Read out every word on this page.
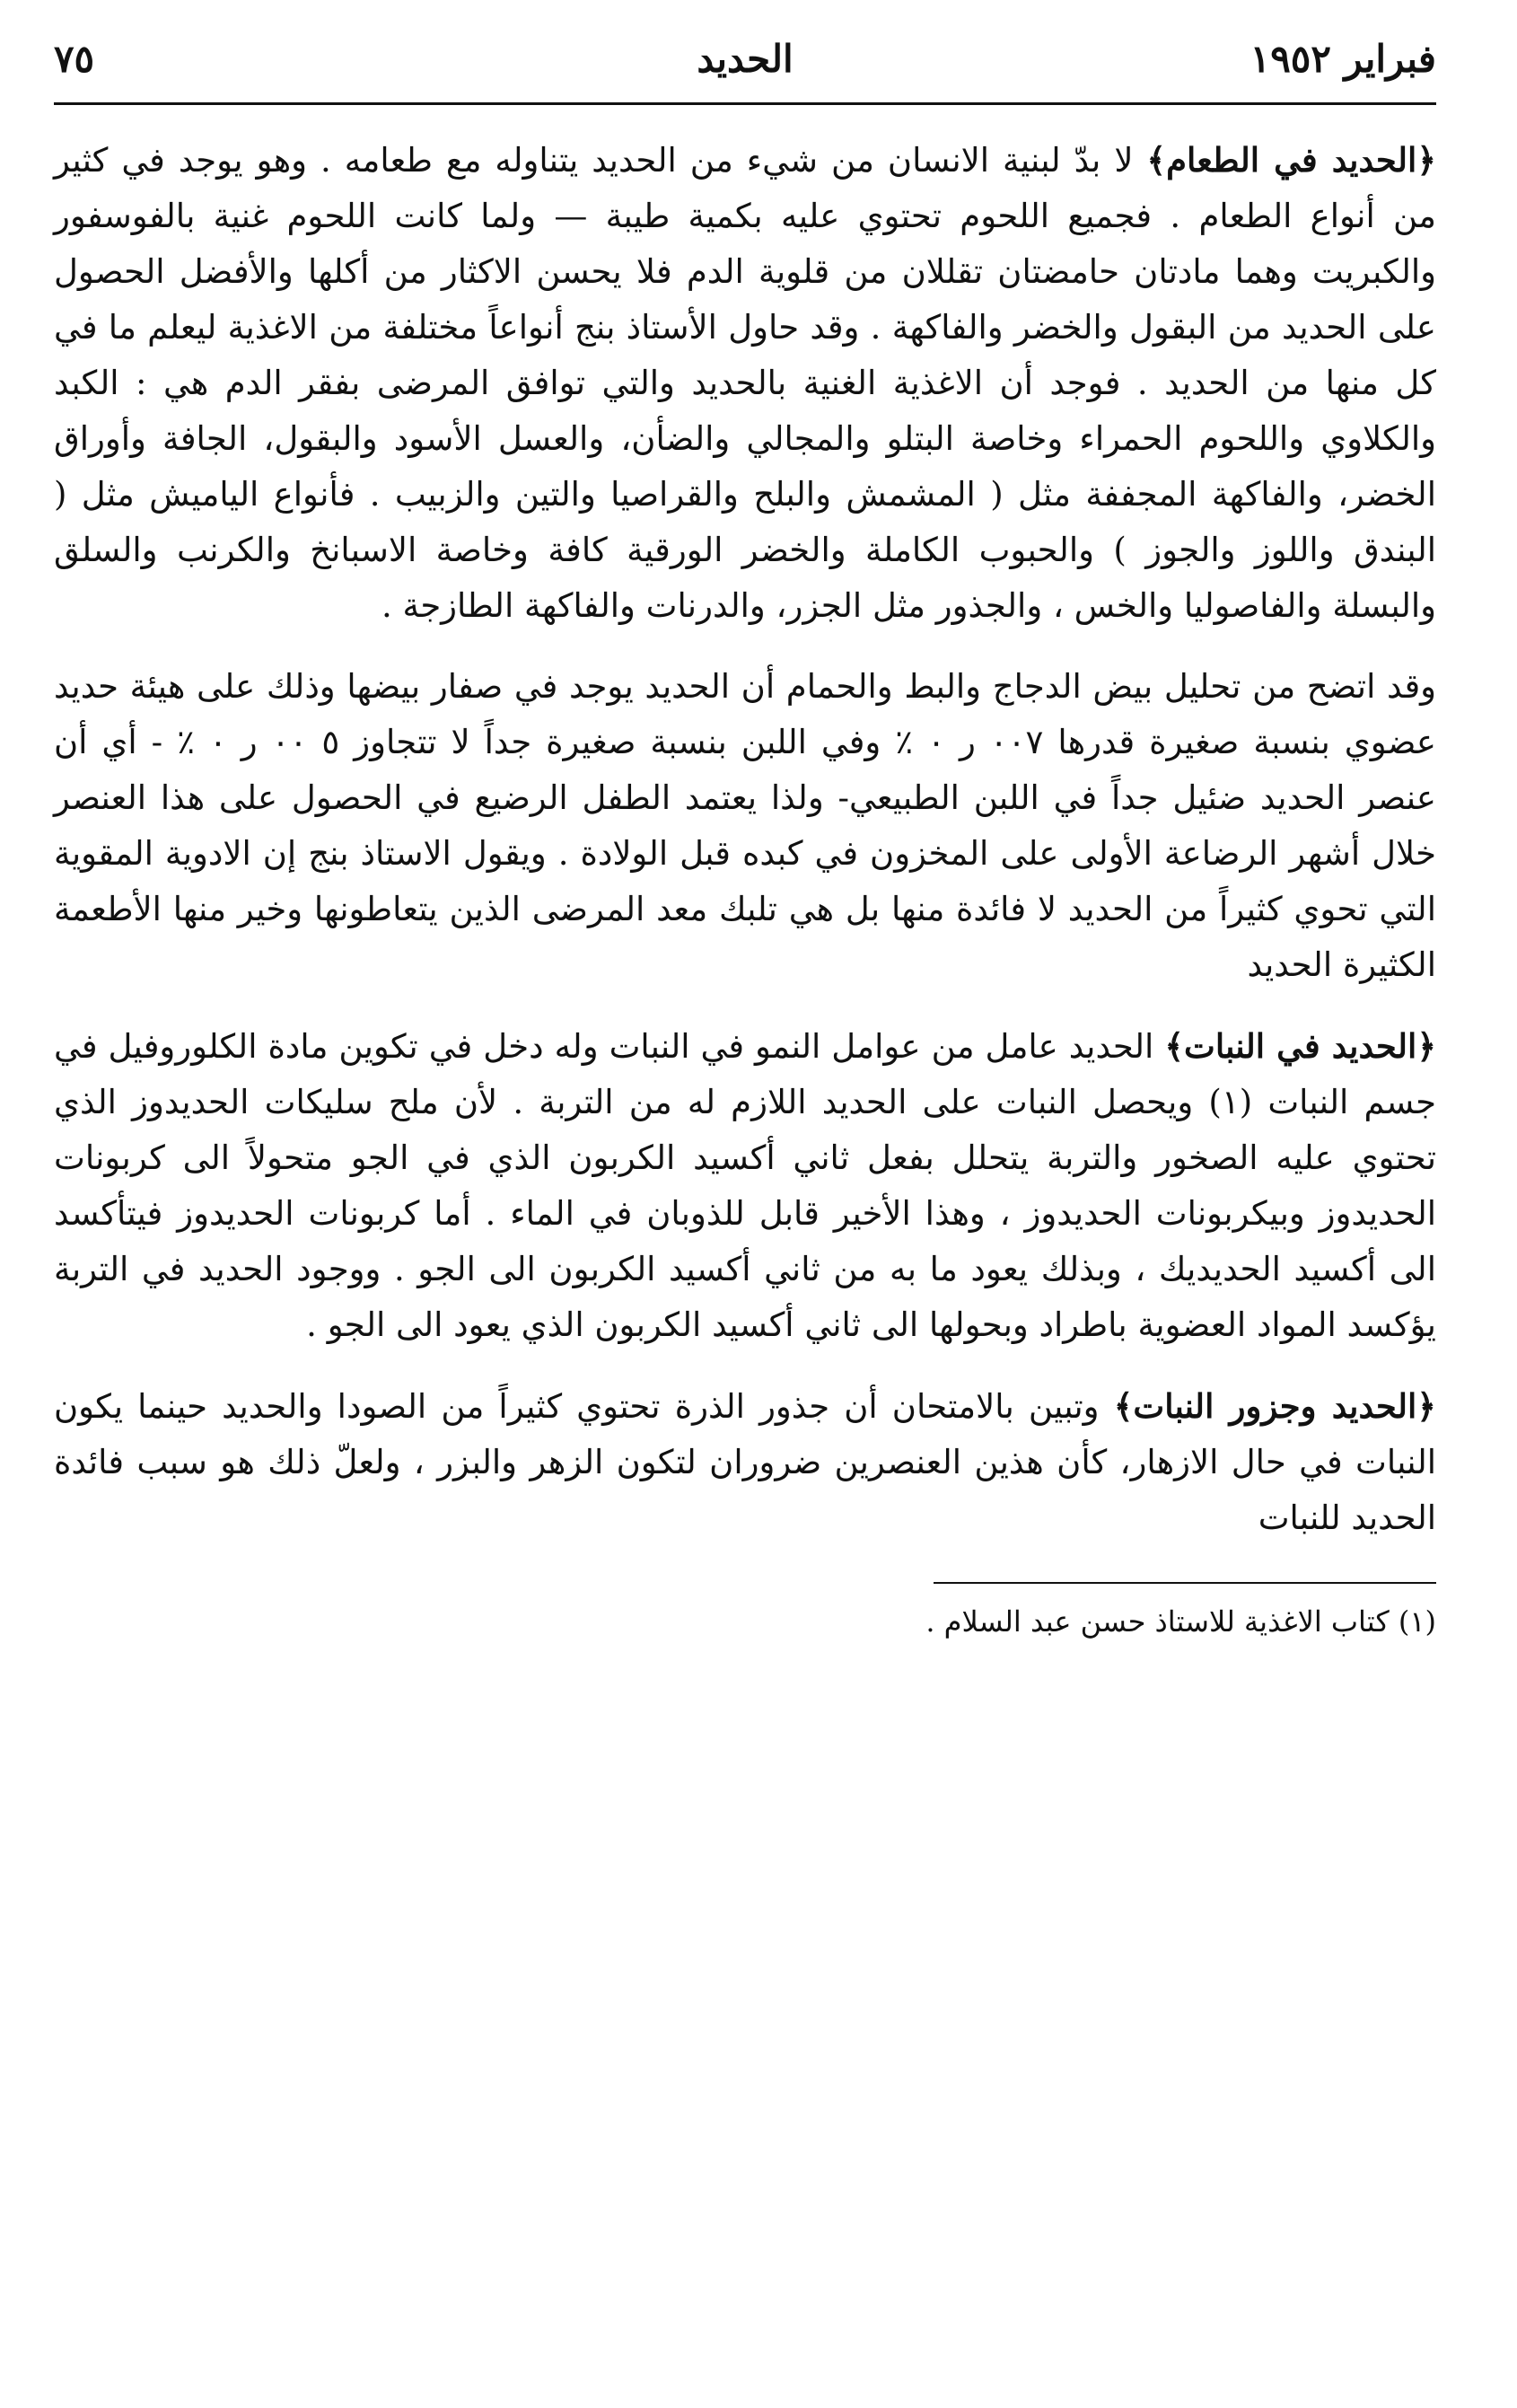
فبراير ١٩٥٢
الحديد
٧٥

﴿الحديد في الطعام﴾ لا بدّ لبنية الانسان من شيء من الحديد يتناوله مع طعامه . وهو يوجد في كثير من أنواع الطعام . فجميع اللحوم تحتوي عليه بكمية طيبة — ولما كانت اللحوم غنية بالفوسفور والكبريت وهما مادتان حامضتان تقللان من قلوية الدم فلا يحسن الاكثار من أكلها والأفضل الحصول على الحديد من البقول والخضر والفاكهة . وقد حاول الأستاذ بنج أنواعاً مختلفة من الاغذية ليعلم ما في كل منها من الحديد . فوجد أن الاغذية الغنية بالحديد والتي توافق المرضى بفقر الدم هي : الكبد والكلاوي واللحوم الحمراء وخاصة البتلو والمجالي والضأن، والعسل الأسود والبقول، الجافة وأوراق الخضر، والفاكهة المجففة مثل ( المشمش والبلح والقراصيا والتين والزبيب . فأنواع الياميش مثل ( البندق واللوز والجوز ) والحبوب الكاملة والخضر الورقية كافة وخاصة الاسبانخ والكرنب والسلق والبسلة والفاصوليا والخس ، والجذور مثل الجزر، والدرنات والفاكهة الطازجة .

وقد اتضح من تحليل بيض الدجاج والبط والحمام أن الحديد يوجد في صفار بيضها وذلك على هيئة حديد عضوي بنسبة صغيرة قدرها ٠٠٧ ر ٠ ٪ وفي اللبن بنسبة صغيرة جداً لا تتجاوز ٥ ٠٠ ر ٠ ٪ - أي أن عنصر الحديد ضئيل جداً في اللبن الطبيعي- ولذا يعتمد الطفل الرضيع في الحصول على هذا العنصر خلال أشهر الرضاعة الأولى على المخزون في كبده قبل الولادة . ويقول الاستاذ بنج إن الادوية المقوية التي تحوي كثيراً من الحديد لا فائدة منها بل هي تلبك معد المرضى الذين يتعاطونها وخير منها الأطعمة الكثيرة الحديد

﴿الحديد في النبات﴾ الحديد عامل من عوامل النمو في النبات وله دخل في تكوين مادة الكلوروفيل في جسم النبات (١) ويحصل النبات على الحديد اللازم له من التربة . لأن ملح سليكات الحديدوز الذي تحتوي عليه الصخور والتربة يتحلل بفعل ثاني أكسيد الكربون الذي في الجو متحولاً الى كربونات الحديدوز وبيكربونات الحديدوز ، وهذا الأخير قابل للذوبان في الماء . أما كربونات الحديدوز فيتأكسد الى أكسيد الحديديك ، وبذلك يعود ما به من ثاني أكسيد الكربون الى الجو . ووجود الحديد في التربة يؤكسد المواد العضوية باطراد وبحولها الى ثاني أكسيد الكربون الذي يعود الى الجو .

﴿الحديد وجزور النبات﴾ وتبين بالامتحان أن جذور الذرة تحتوي كثيراً من الصودا والحديد حينما يكون النبات في حال الازهار، كأن هذين العنصرين ضروران لتكون الزهر والبزر ، ولعلّ ذلك هو سبب فائدة الحديد للنبات

(١) كتاب الاغذية للاستاذ حسن عبد السلام .
